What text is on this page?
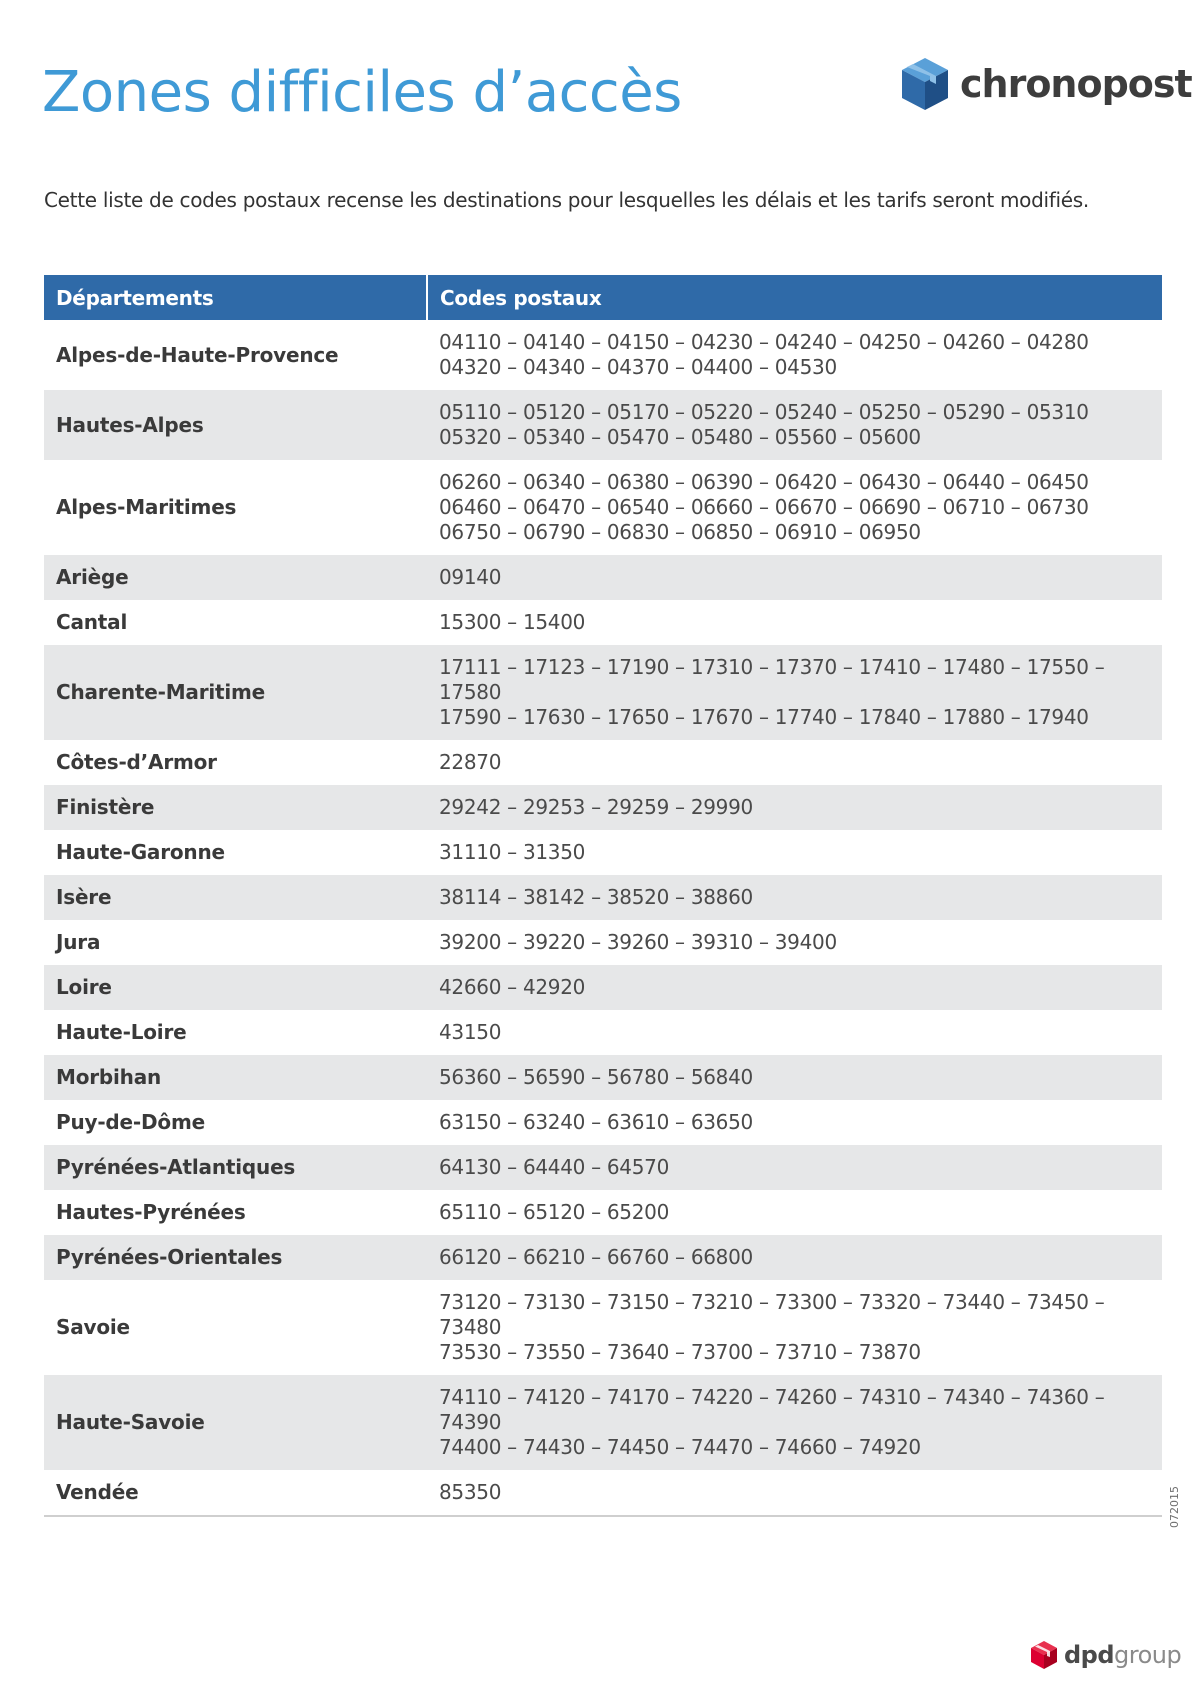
Zones difficiles d’accès	chronopost

Cette liste de codes postaux recense les destinations pour lesquelles les délais et les tarifs seront modifiés.

Départements	Codes postaux
Alpes-de-Haute-Provence	04110 – 04140 – 04150 – 04230 – 04240 – 04250 – 04260 – 04280
04320 – 04340 – 04370 – 04400 – 04530
Hautes-Alpes	05110 – 05120 – 05170 – 05220 – 05240 – 05250 – 05290 – 05310
05320 – 05340 – 05470 – 05480 – 05560 – 05600
Alpes-Maritimes	06260 – 06340 – 06380 – 06390 – 06420 – 06430 – 06440 – 06450
06460 – 06470 – 06540 – 06660 – 06670 – 06690 – 06710 – 06730
06750 – 06790 – 06830 – 06850 – 06910 – 06950
Ariège	09140
Cantal	15300 – 15400
Charente-Maritime	17111 – 17123 – 17190 – 17310 – 17370 – 17410 – 17480 – 17550 – 17580
17590 – 17630 – 17650 – 17670 – 17740 – 17840 – 17880 – 17940
Côtes-d’Armor	22870
Finistère	29242 – 29253 – 29259 – 29990
Haute-Garonne	31110 – 31350
Isère	38114 – 38142 – 38520 – 38860
Jura	39200 – 39220 – 39260 – 39310 – 39400
Loire	42660 – 42920
Haute-Loire	43150
Morbihan	56360 – 56590 – 56780 – 56840
Puy-de-Dôme	63150 – 63240 – 63610 – 63650
Pyrénées-Atlantiques	64130 – 64440 – 64570
Hautes-Pyrénées	65110 – 65120 – 65200
Pyrénées-Orientales	66120 – 66210 – 66760 – 66800
Savoie	73120 – 73130 – 73150 – 73210 – 73300 – 73320 – 73440 – 73450 – 73480
73530 – 73550 – 73640 – 73700 – 73710 – 73870
Haute-Savoie	74110 – 74120 – 74170 – 74220 – 74260 – 74310 – 74340 – 74360 – 74390
74400 – 74430 – 74450 – 74470 – 74660 – 74920
Vendée	85350	072015
dpdgroup
